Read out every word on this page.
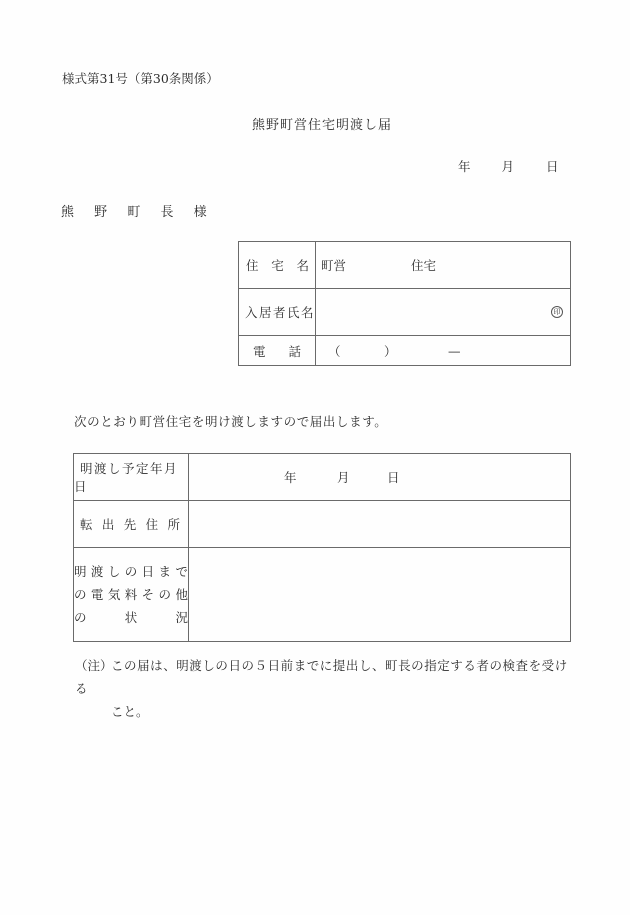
様式第31号（第30条関係）
熊野町営住宅明渡し届
年 月	日
熊 野 町 長 様
住 宅 名	町営 住宅

入居者氏名	印

電 話	（ ） —
次のとおり町営住宅を明け渡しますので届出します。
明渡し予定年月日	年 月 日

転 出 先 住 所	

明 渡 し の 日 ま で
の 電 気 料 そ の 他
の	状	況

（注）この届は、明渡しの日の５日前までに提出し、町長の指定する者の検査を受ける
こと。
